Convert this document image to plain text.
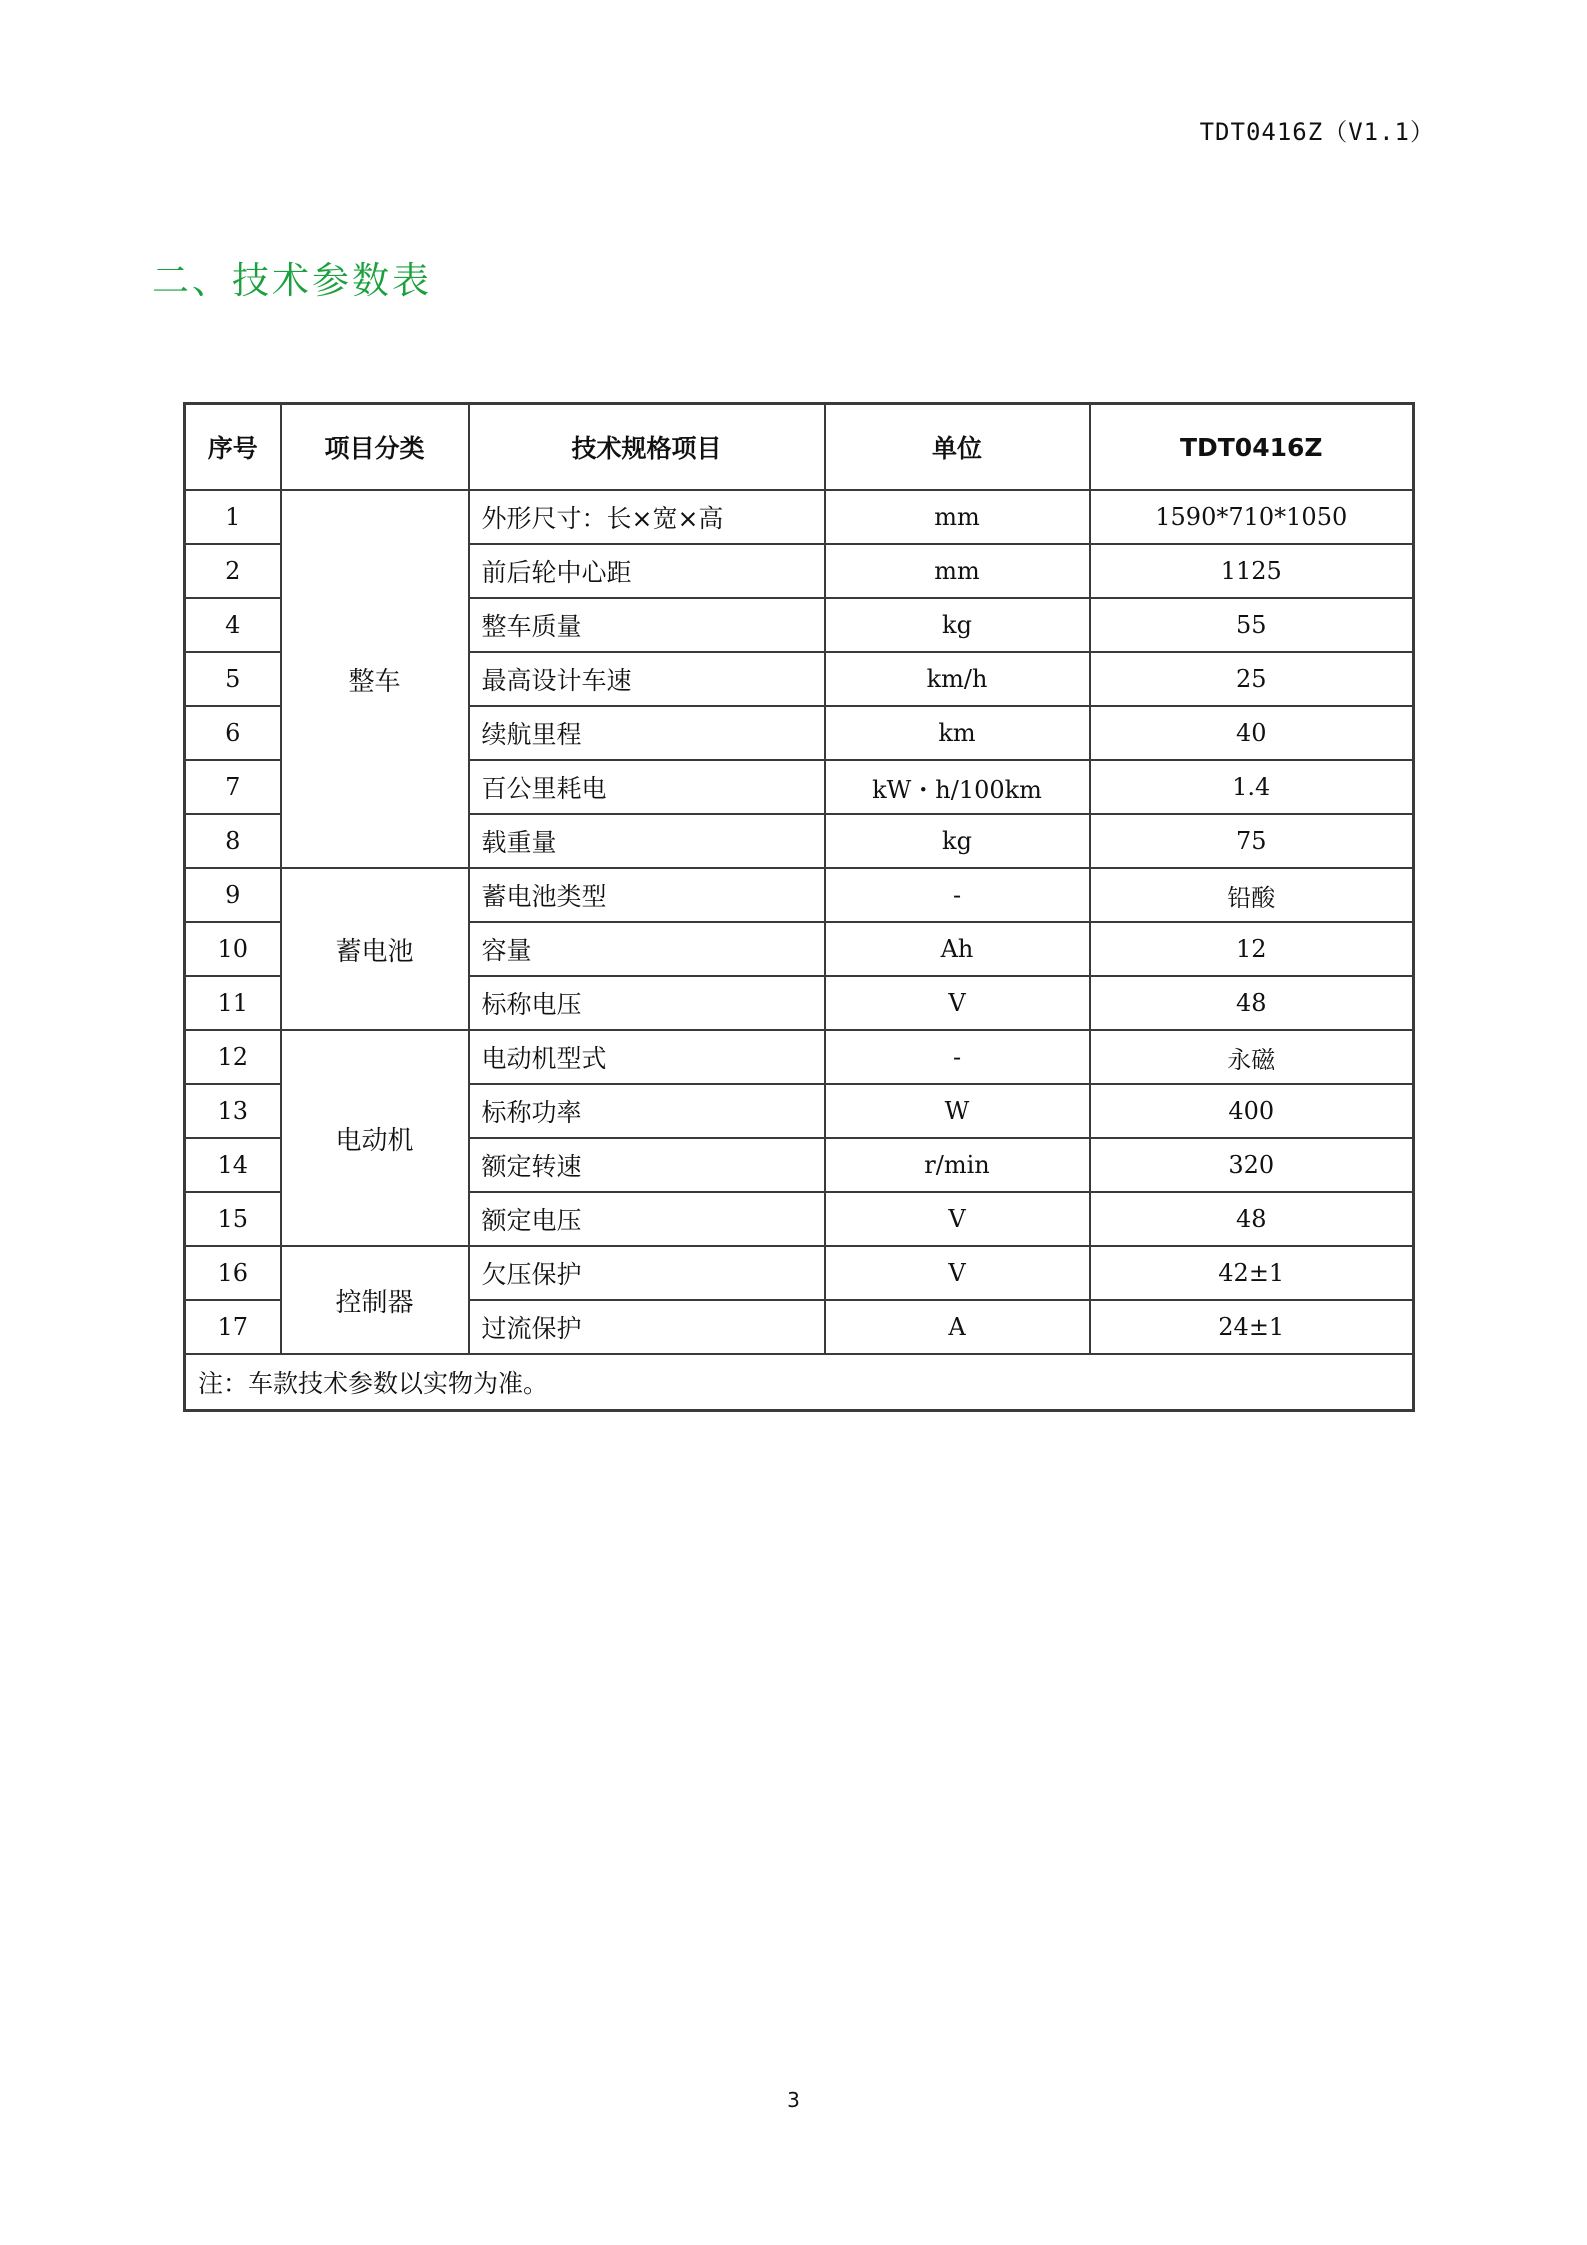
TDT0416Z（V1.1）
二、技术参数表
序号	项目分类	技术规格项目	单位	TDT0416Z
1	整车	外形尺寸：长×宽×高	mm	1590*710*1050
2		前后轮中心距	mm	1125
4		整车质量	kg	55
5		最高设计车速	km/h	25
6		续航里程	km	40
7		百公里耗电	kW・h/100km	1.4
8		载重量	kg	75
9	蓄电池	蓄电池类型	-	铅酸
10		容量	Ah	12
11		标称电压	V	48
12	电动机	电动机型式	-	永磁
13		标称功率	W	400
14		额定转速	r/min	320
15		额定电压	V	48
16	控制器	欠压保护	V	42±1
17		过流保护	A	24±1
注：车款技术参数以实物为准。				
3
